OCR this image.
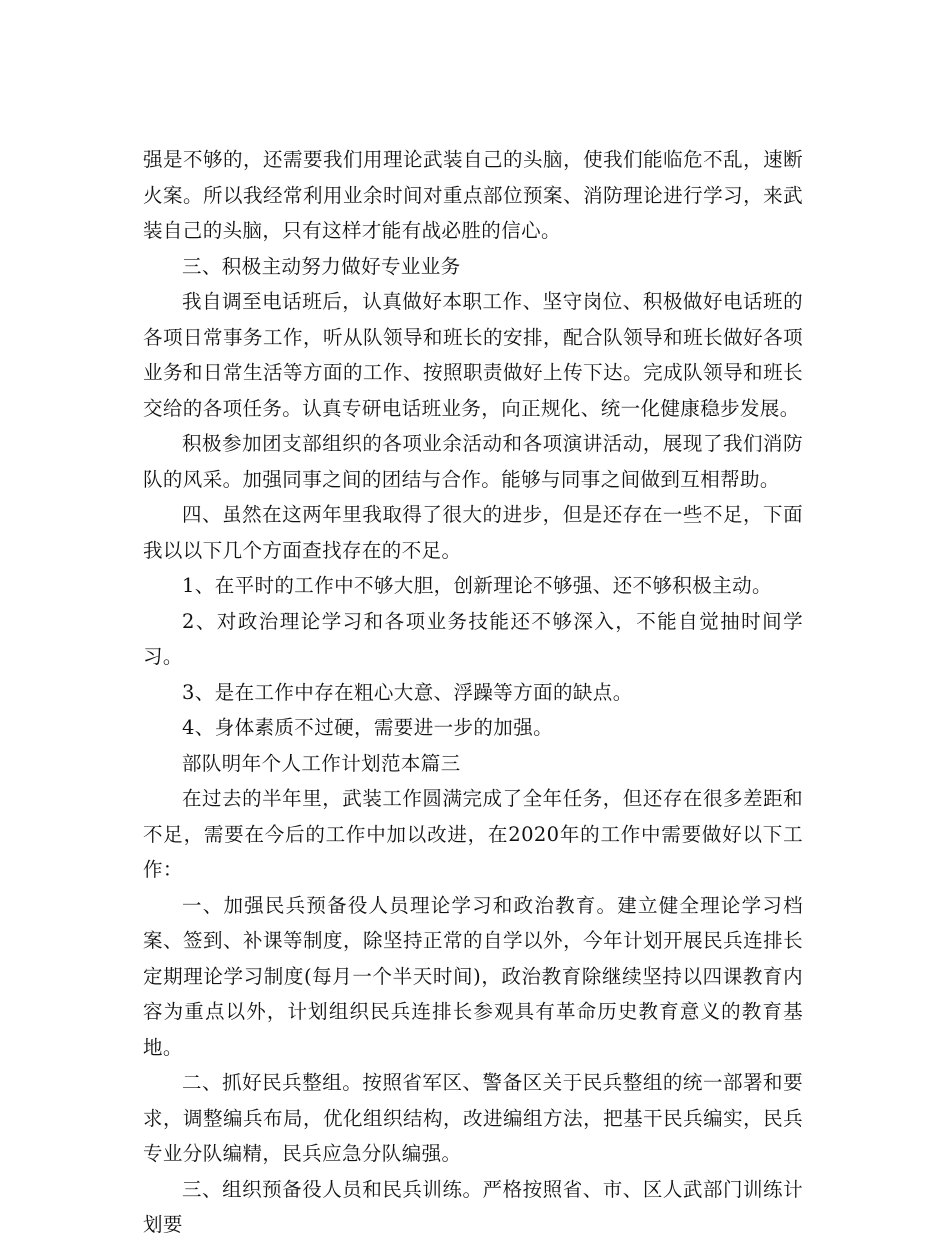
强是不够的，还需要我们用理论武装自己的头脑，使我们能临危不乱，速断火案。所以我经常利用业余时间对重点部位预案、消防理论进行学习，来武装自己的头脑，只有这样才能有战必胜的信心。

三、积极主动努力做好专业业务

我自调至电话班后，认真做好本职工作、坚守岗位、积极做好电话班的各项日常事务工作，听从队领导和班长的安排，配合队领导和班长做好各项业务和日常生活等方面的工作、按照职责做好上传下达。完成队领导和班长交给的各项任务。认真专研电话班业务，向正规化、统一化健康稳步发展。

积极参加团支部组织的各项业余活动和各项演讲活动，展现了我们消防队的风采。加强同事之间的团结与合作。能够与同事之间做到互相帮助。

四、虽然在这两年里我取得了很大的进步，但是还存在一些不足，下面我以以下几个方面查找存在的不足。

1、在平时的工作中不够大胆，创新理论不够强、还不够积极主动。

2、对政治理论学习和各项业务技能还不够深入，不能自觉抽时间学习。

3、是在工作中存在粗心大意、浮躁等方面的缺点。

4、身体素质不过硬，需要进一步的加强。

部队明年个人工作计划范本篇三

在过去的半年里，武装工作圆满完成了全年任务，但还存在很多差距和不足，需要在今后的工作中加以改进，在2020年的工作中需要做好以下工作：

一、加强民兵预备役人员理论学习和政治教育。建立健全理论学习档案、签到、补课等制度，除坚持正常的自学以外，今年计划开展民兵连排长定期理论学习制度(每月一个半天时间)，政治教育除继续坚持以四课教育内容为重点以外，计划组织民兵连排长参观具有革命历史教育意义的教育基地。

二、抓好民兵整组。按照省军区、警备区关于民兵整组的统一部署和要求，调整编兵布局，优化组织结构，改进编组方法，把基干民兵编实，民兵专业分队编精，民兵应急分队编强。

三、组织预备役人员和民兵训练。严格按照省、市、区人武部门训练计划要
